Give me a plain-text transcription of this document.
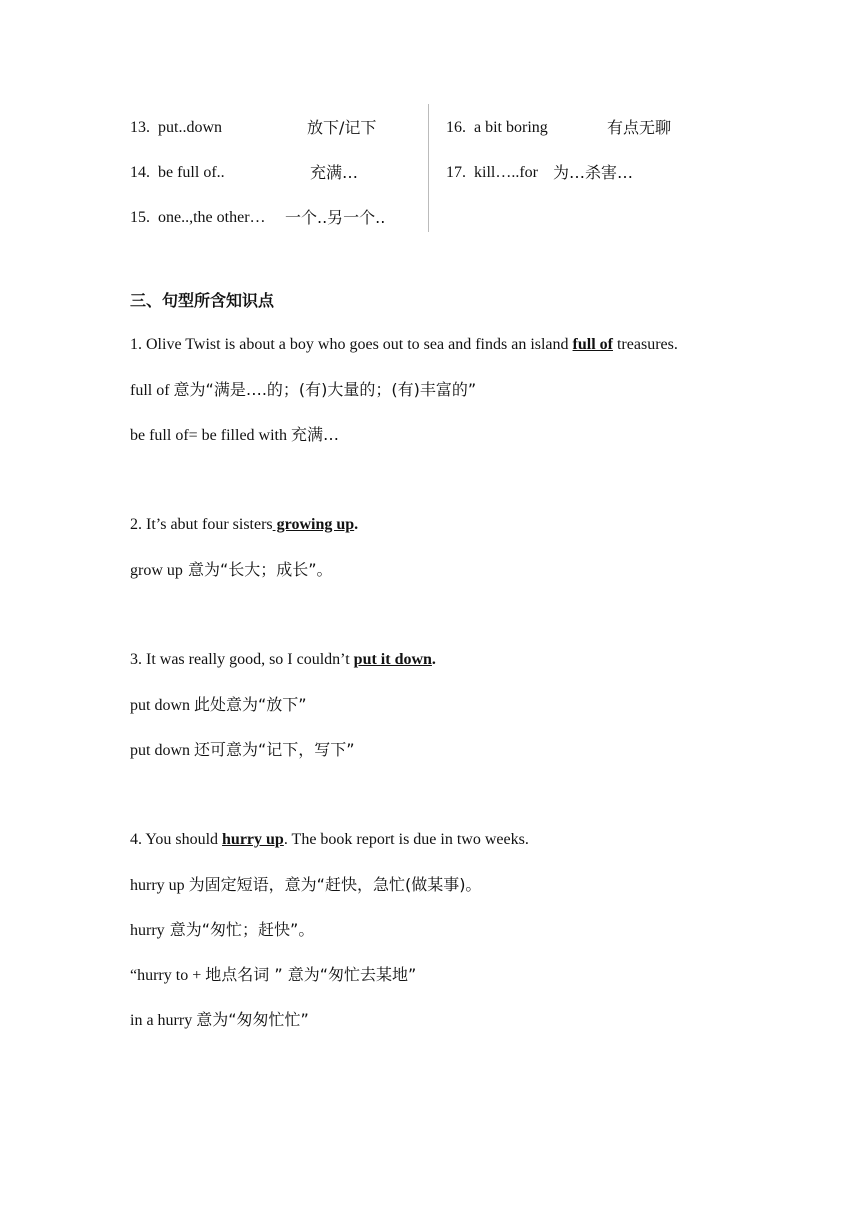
13. put..down	放下/记下
14. be full of..	充满…
15. one..,the other… 一个..另一个..
16. a bit boring	有点无聊
17. kill…..for 为…杀害…
三、句型所含知识点
1. Olive Twist is about a boy who goes out to sea and finds an island full of treasures.
full of 意为“满是….的；(有)大量的；(有)丰富的”
be full of= be filled with 充满…
2. It’s abut four sisters growing up.
grow up 意为“长大；成长”。
3. It was really good, so I couldn’t put it down.
put down 此处意为“放下”
put down 还可意为“记下，写下”
4. You should hurry up. The book report is due in two weeks.
hurry up 为固定短语，意为“赶快，急忙(做某事)。
hurry 意为“匆忙；赶快”。
“hurry to + 地点名词 ” 意为“匆忙去某地”
in a hurry 意为“匆匆忙忙”
